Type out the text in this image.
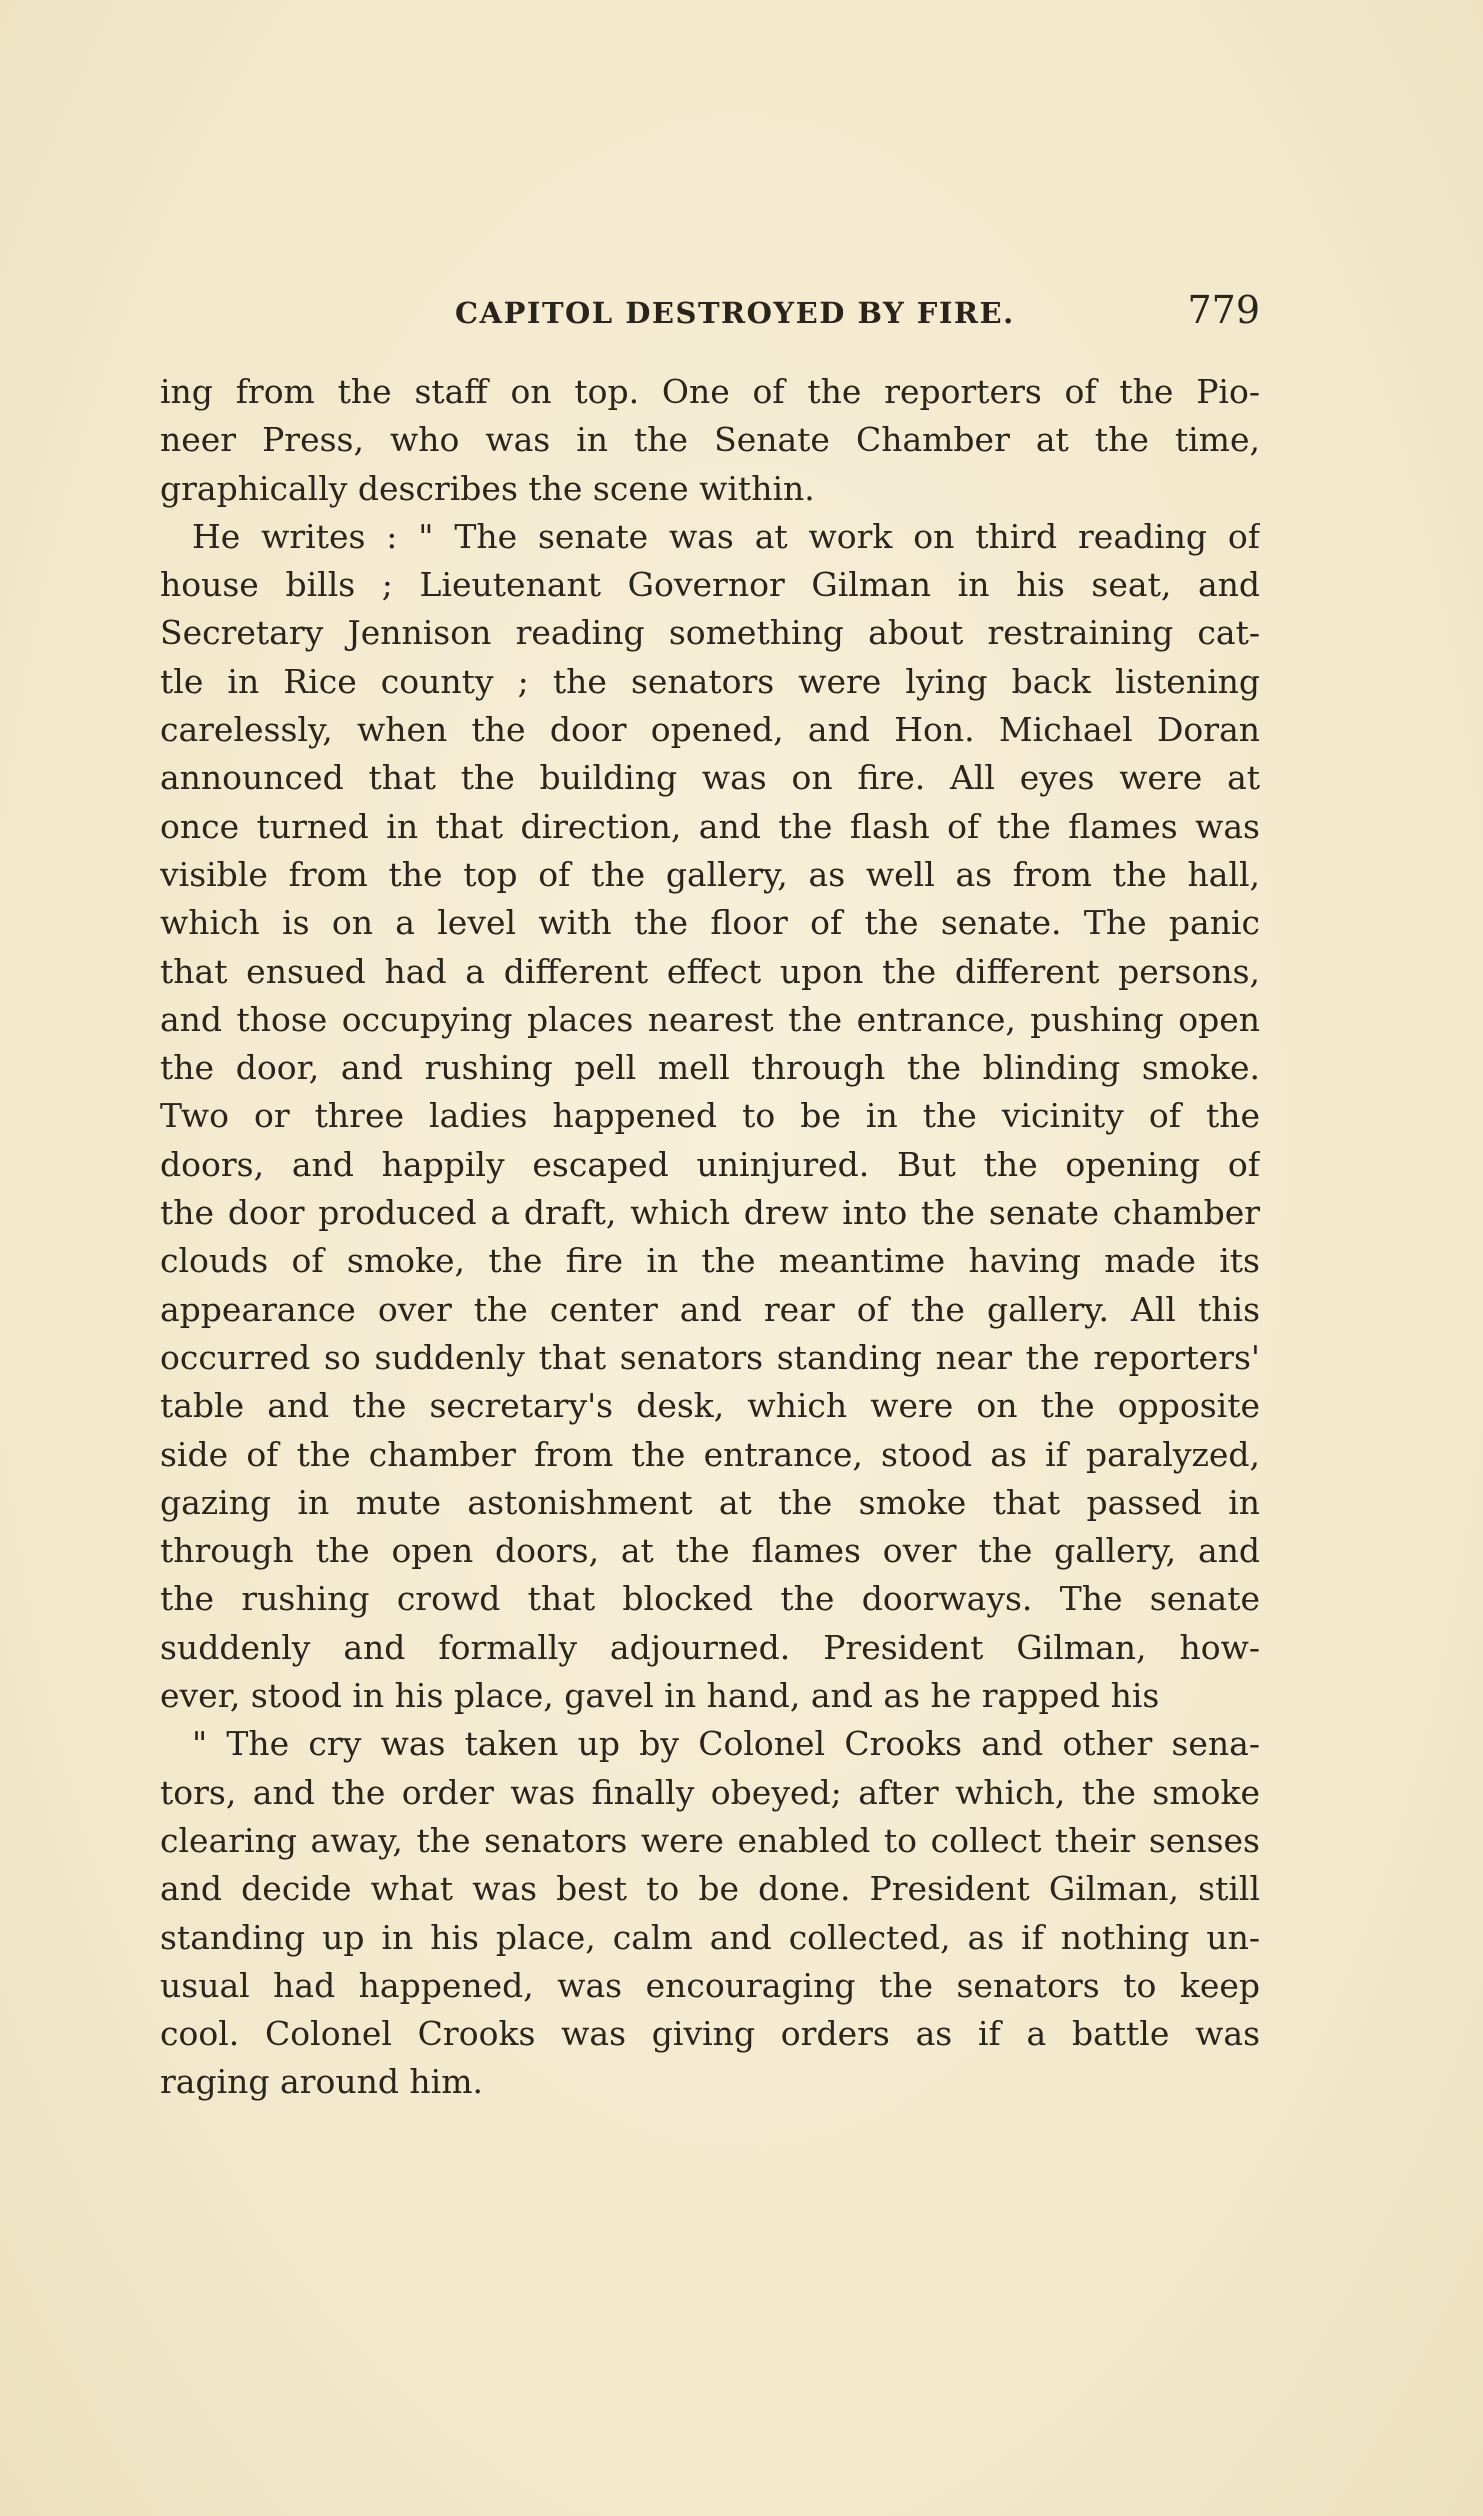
CAPITOL DESTROYED BY FIRE.	779
ing from the staff on top. One of the reporters of the Pio-
neer Press, who was in the Senate Chamber at the time,
graphically describes the scene within.
He writes : " The senate was at work on third reading of
house bills ; Lieutenant Governor Gilman in his seat, and
Secretary Jennison reading something about restraining cat-
tle in Rice county ; the senators were lying back listening
carelessly, when the door opened, and Hon. Michael Doran
announced that the building was on fire. All eyes were at
once turned in that direction, and the flash of the flames was
visible from the top of the gallery, as well as from the hall,
which is on a level with the floor of the senate. The panic
that ensued had a different effect upon the different persons,
and those occupying places nearest the entrance, pushing open
the door, and rushing pell mell through the blinding smoke.
Two or three ladies happened to be in the vicinity of the
doors, and happily escaped uninjured. But the opening of
the door produced a draft, which drew into the senate chamber
clouds of smoke, the fire in the meantime having made its
appearance over the center and rear of the gallery. All this
occurred so suddenly that senators standing near the reporters'
table and the secretary's desk, which were on the opposite
side of the chamber from the entrance, stood as if paralyzed,
gazing in mute astonishment at the smoke that passed in
through the open doors, at the flames over the gallery, and
the rushing crowd that blocked the doorways. The senate
suddenly and formally adjourned. President Gilman, how-
ever, stood in his place, gavel in hand, and as he rapped his
" The cry was taken up by Colonel Crooks and other sena-
tors, and the order was finally obeyed; after which, the smoke
clearing away, the senators were enabled to collect their senses
and decide what was best to be done. President Gilman, still
standing up in his place, calm and collected, as if nothing un-
usual had happened, was encouraging the senators to keep
cool. Colonel Crooks was giving orders as if a battle was
raging around him.
